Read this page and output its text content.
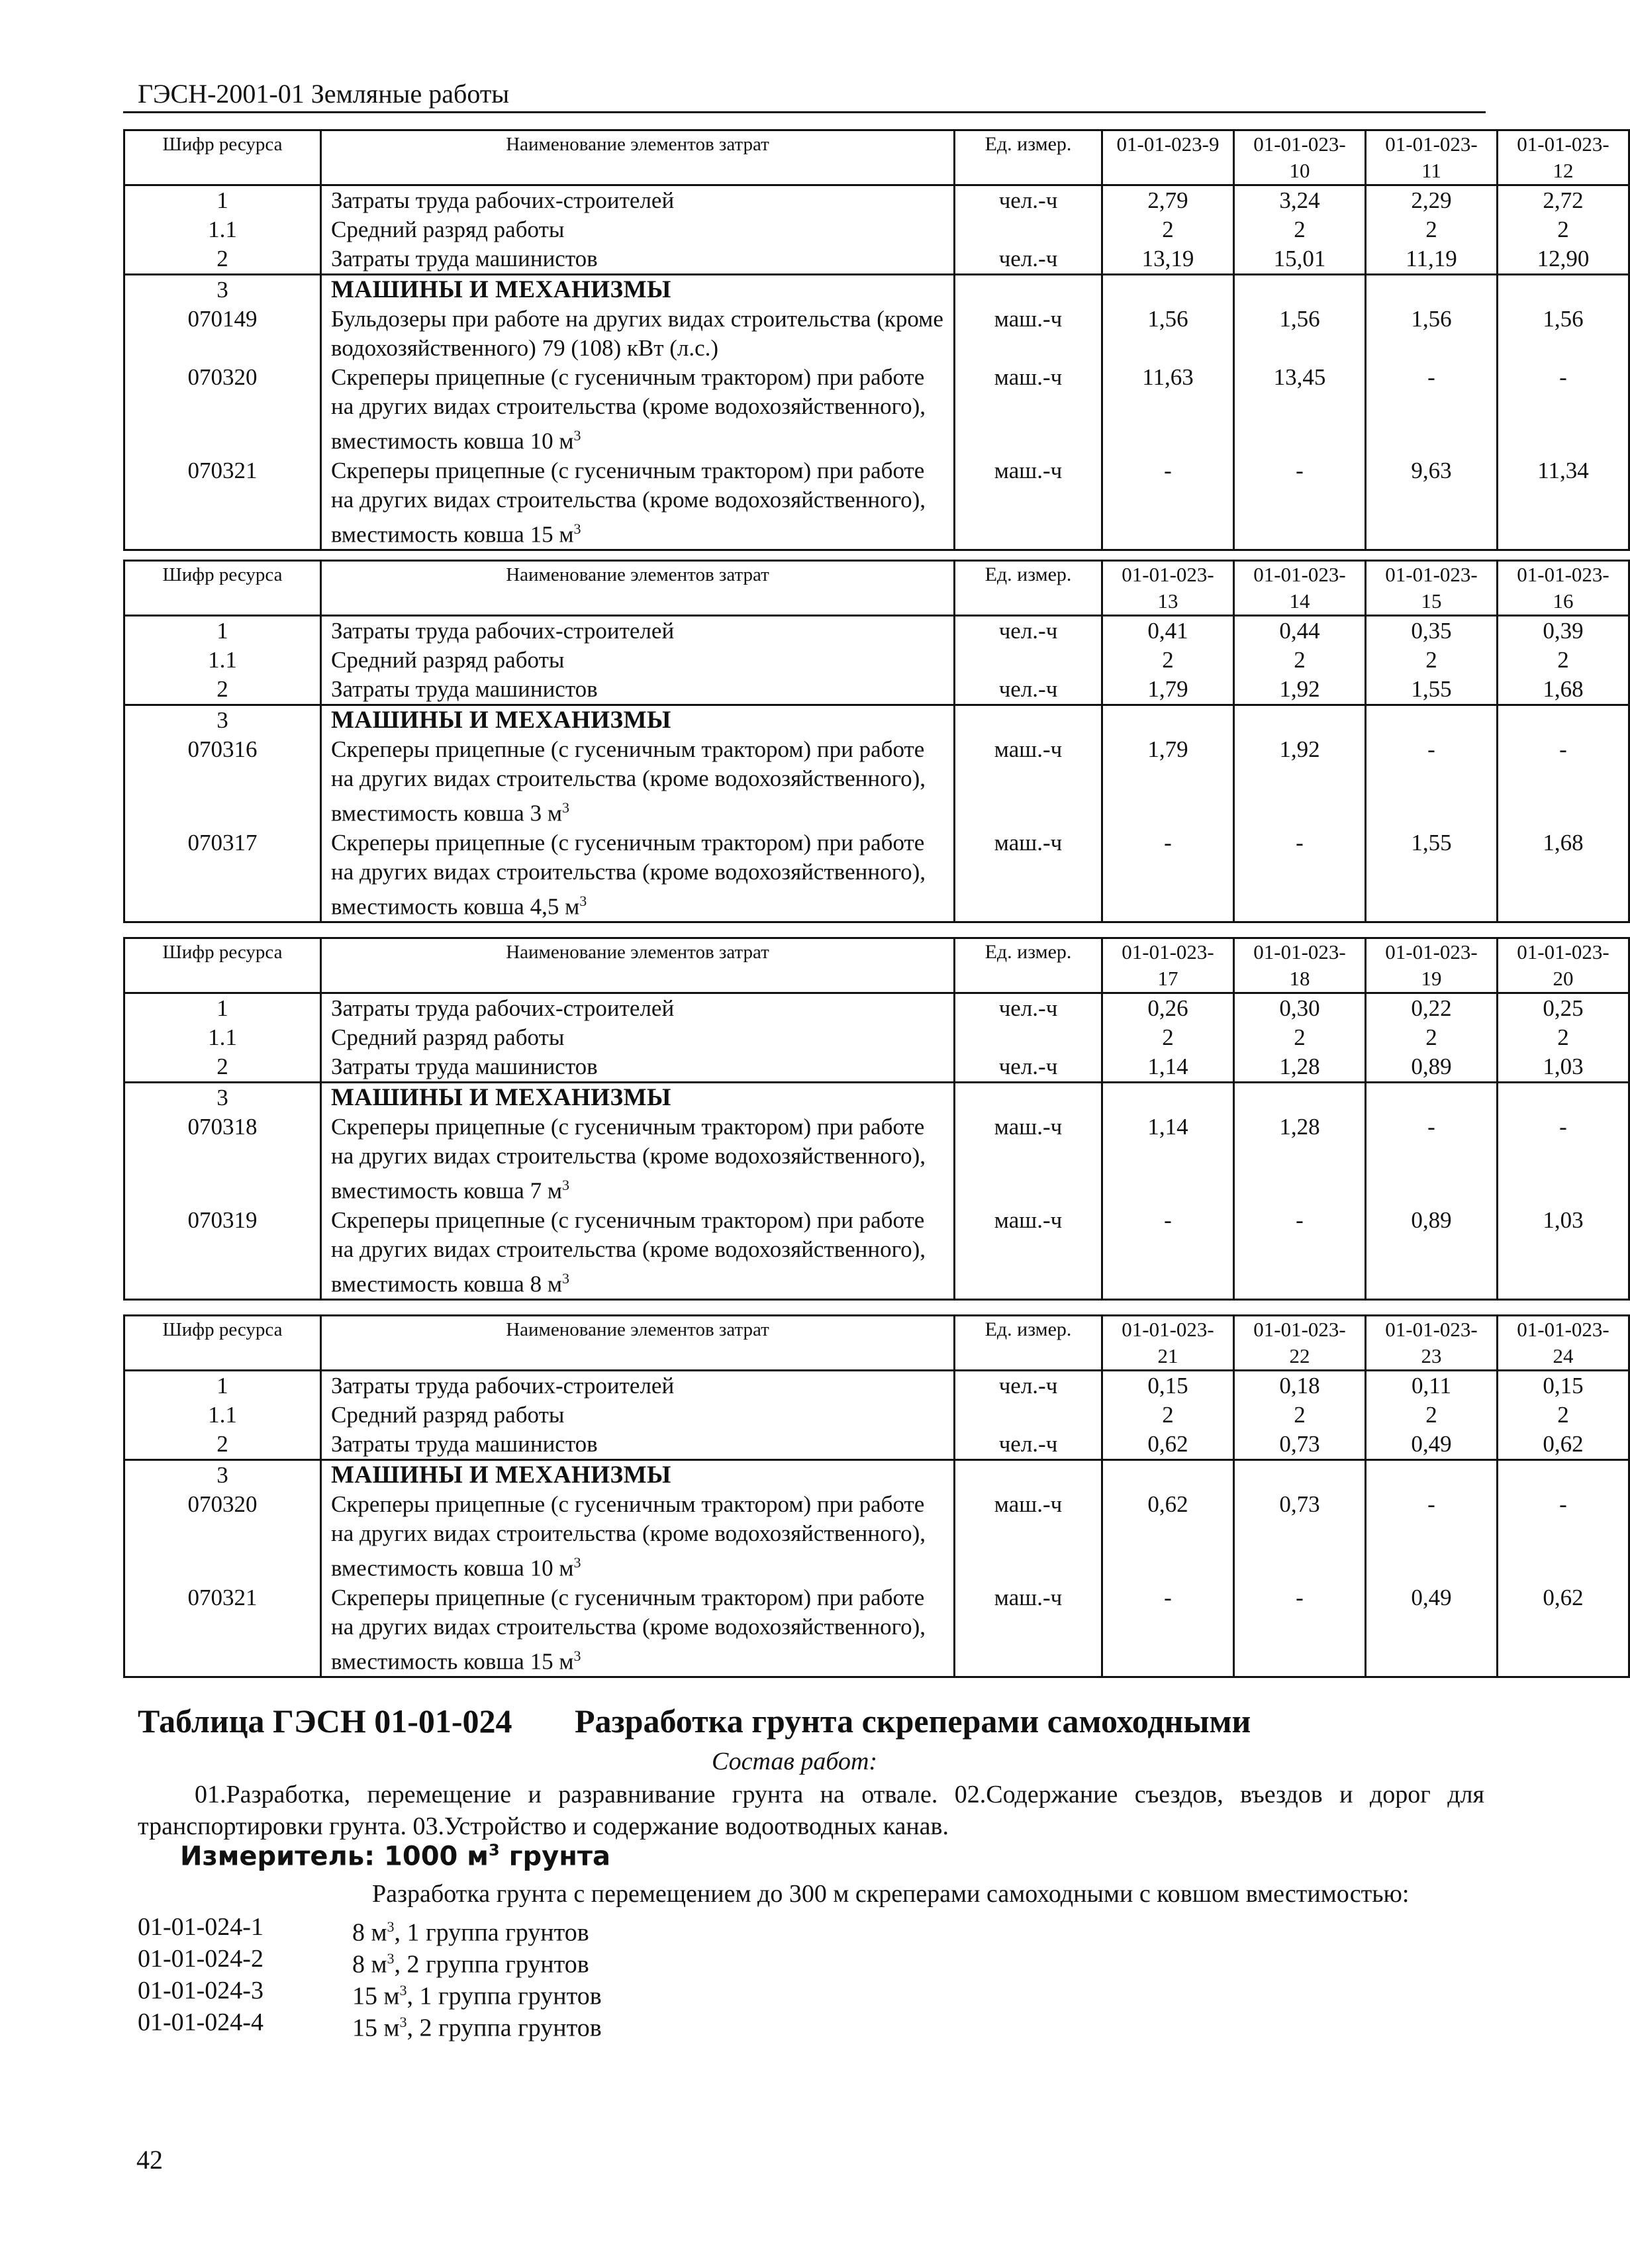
ГЭСН-2001-01 Земляные работы
Шифр ресурса	Наименование элементов затрат	Ед. измер.	01-01-023-9	01-01-023-10	01-01-023-11	01-01-023-12
1	Затраты труда рабочих-строителей	чел.-ч	2,79	3,24	2,29	2,72
1.1	Средний разряд работы		2	2	2	2
2	Затраты труда машинистов	чел.-ч	13,19	15,01	11,19	12,90
3	МАШИНЫ И МЕХАНИЗМЫ					
070149	Бульдозеры при работе на других видах строительства (кроме водохозяйственного) 79 (108) кВт (л.с.)	маш.-ч	1,56	1,56	1,56	1,56
070320	Скреперы прицепные (с гусеничным трактором) при работе на других видах строительства (кроме водохозяйственного), вместимость ковша 10 $м^3$	маш.-ч	11,63	13,45	-	-
070321	Скреперы прицепные (с гусеничным трактором) при работе на других видах строительства (кроме водохозяйственного), вместимость ковша 15 $м^3$	маш.-ч	-	-	9,63	11,34
Шифр ресурса	Наименование элементов затрат	Ед. измер.	01-01-023-13	01-01-023-14	01-01-023-15	01-01-023-16
1	Затраты труда рабочих-строителей	чел.-ч	0,41	0,44	0,35	0,39
1.1	Средний разряд работы		2	2	2	2
2	Затраты труда машинистов	чел.-ч	1,79	1,92	1,55	1,68
3	МАШИНЫ И МЕХАНИЗМЫ					
070316	Скреперы прицепные (с гусеничным трактором) при работе на других видах строительства (кроме водохозяйственного), вместимость ковша 3 $м^3$	маш.-ч	1,79	1,92	-	-
070317	Скреперы прицепные (с гусеничным трактором) при работе на других видах строительства (кроме водохозяйственного), вместимость ковша 4,5 $м^3$	маш.-ч	-	-	1,55	1,68
Шифр ресурса	Наименование элементов затрат	Ед. измер.	01-01-023-17	01-01-023-18	01-01-023-19	01-01-023-20
1	Затраты труда рабочих-строителей	чел.-ч	0,26	0,30	0,22	0,25
1.1	Средний разряд работы		2	2	2	2
2	Затраты труда машинистов	чел.-ч	1,14	1,28	0,89	1,03
3	МАШИНЫ И МЕХАНИЗМЫ					
070318	Скреперы прицепные (с гусеничным трактором) при работе на других видах строительства (кроме водохозяйственного), вместимость ковша 7 $м^3$	маш.-ч	1,14	1,28	-	-
070319	Скреперы прицепные (с гусеничным трактором) при работе на других видах строительства (кроме водохозяйственного), вместимость ковша 8 $м^3$	маш.-ч	-	-	0,89	1,03
Шифр ресурса	Наименование элементов затрат	Ед. измер.	01-01-023-21	01-01-023-22	01-01-023-23	01-01-023-24
1	Затраты труда рабочих-строителей	чел.-ч	0,15	0,18	0,11	0,15
1.1	Средний разряд работы		2	2	2	2
2	Затраты труда машинистов	чел.-ч	0,62	0,73	0,49	0,62
3	МАШИНЫ И МЕХАНИЗМЫ					
070320	Скреперы прицепные (с гусеничным трактором) при работе на других видах строительства (кроме водохозяйственного), вместимость ковша 10 $м^3$	маш.-ч	0,62	0,73	-	-
070321	Скреперы прицепные (с гусеничным трактором) при работе на других видах строительства (кроме водохозяйственного), вместимость ковша 15 $м^3$	маш.-ч	-	-	0,49	0,62
Таблица ГЭСН 01-01-024 Разработка грунта скреперами самоходными
Состав работ:
01.Разработка, перемещение и разравнивание грунта на отвале. 02.Содержание съездов, въездов и дорог для транспортировки грунта. 03.Устройство и содержание водоотводных канав.
Измеритель: 1000 $м^3$ грунта
Разработка грунта с перемещением до 300 м скреперами самоходными с ковшом вместимостью:
01-01-024-1	8 $м^3$, 1 группа грунтов
01-01-024-2	8 $м^3$, 2 группа грунтов
01-01-024-3	15 $м^3$, 1 группа грунтов
01-01-024-4	15 $м^3$, 2 группа грунтов
42
